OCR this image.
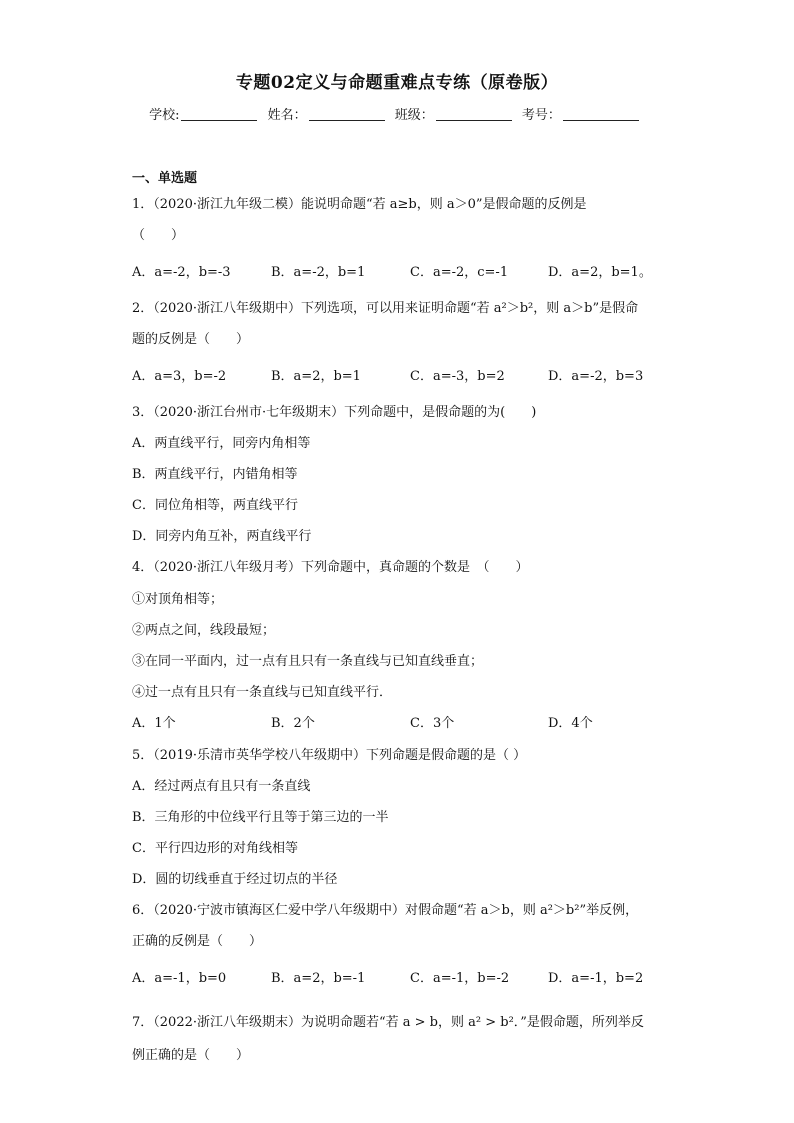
专题02定义与命题重难点专练（原卷版）
学校:	姓名：	班级：	考号：
一、单选题
1．（2020·浙江九年级二模）能说明命题“若 a≥b，则 a＞0”是假命题的反例是
（　　）
A．a=-2，b=-3	B．a=-2，b=1	C．a=-2，c=-1	D．a=2，b=1。
2．（2020·浙江八年级期中）下列选项，可以用来证明命题“若 a²＞b²，则 a＞b”是假命
题的反例是（　　）
A．a=3，b=-2	B．a=2，b=1	C．a=-3，b=2	D．a=-2，b=3
3．（2020·浙江台州市·七年级期末）下列命题中，是假命题的为(　　)
A．两直线平行，同旁内角相等
B．两直线平行，内错角相等
C．同位角相等，两直线平行
D．同旁内角互补，两直线平行
4．（2020·浙江八年级月考）下列命题中，真命题的个数是　（　　）
①对顶角相等；
②两点之间，线段最短；
③在同一平面内，过一点有且只有一条直线与已知直线垂直；
④过一点有且只有一条直线与已知直线平行．
A．1个	B．2个	C．3个	D．4个
5．（2019·乐清市英华学校八年级期中）下列命题是假命题的是（ ）
A．经过两点有且只有一条直线
B．三角形的中位线平行且等于第三边的一半
C．平行四边形的对角线相等
D．圆的切线垂直于经过切点的半径
6．（2020·宁波市镇海区仁爱中学八年级期中）对假命题“若 a＞b，则 a²＞b²”举反例，
正确的反例是（　　）
A．a=-1，b=0	B．a=2，b=-1	C．a=-1，b=-2	D．a=-1，b=2
7．（2022·浙江八年级期末）为说明命题若“若 a > b，则 a² > b²．”是假命题，所列举反
例正确的是（　　）
